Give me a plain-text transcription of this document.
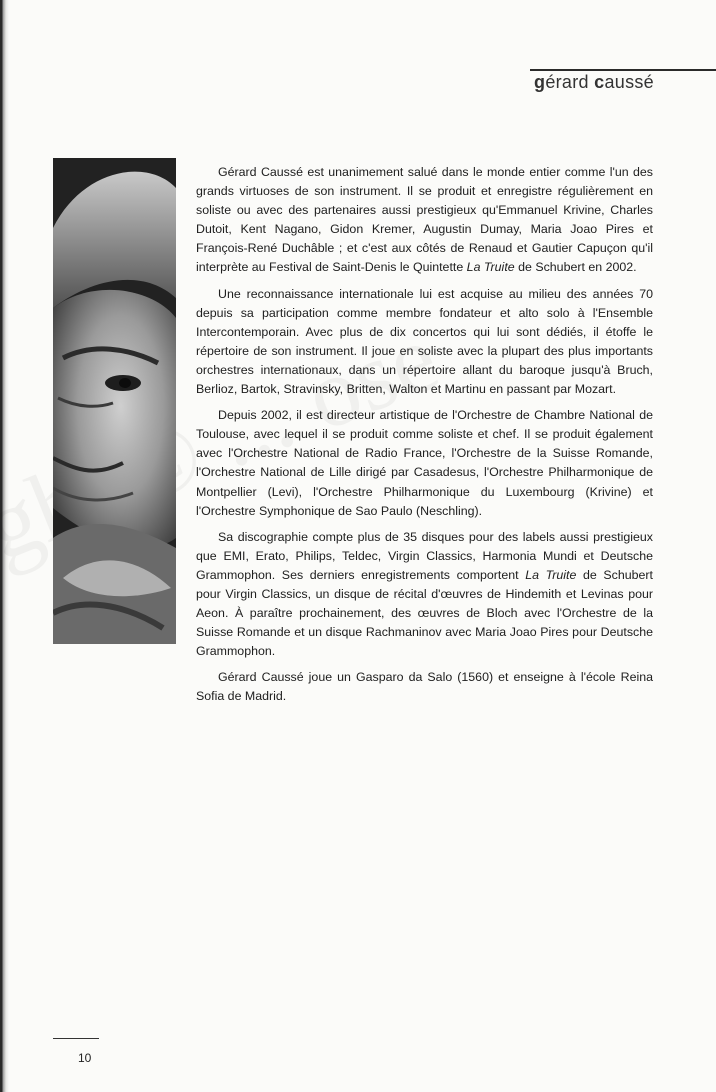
gérard caussé

Gérard Caussé est unanimement salué dans le monde entier comme l'un des grands virtuoses de son instrument. Il se produit et enregistre régulièrement en soliste ou avec des partenaires aussi prestigieux qu'Emmanuel Krivine, Charles Dutoit, Kent Nagano, Gidon Kremer, Augustin Dumay, Maria Joao Pires et François-René Duchâble ; et c'est aux côtés de Renaud et Gautier Capuçon qu'il interprète au Festival de Saint-Denis le Quintette La Truite de Schubert en 2002.

Une reconnaissance internationale lui est acquise au milieu des années 70 depuis sa participation comme membre fondateur et alto solo à l'Ensemble Intercontemporain. Avec plus de dix concertos qui lui sont dédiés, il étoffe le répertoire de son instrument. Il joue en soliste avec la plupart des plus importants orchestres internationaux, dans un répertoire allant du baroque jusqu'à Bruch, Berlioz, Bartok, Stravinsky, Britten, Walton et Martinu en passant par Mozart.

Depuis 2002, il est directeur artistique de l'Orchestre de Chambre National de Toulouse, avec lequel il se produit comme soliste et chef. Il se produit également avec l'Orchestre National de Radio France, l'Orchestre de la Suisse Romande, l'Orchestre National de Lille dirigé par Casadesus, l'Orchestre Philharmonique de Montpellier (Levi), l'Orchestre Philharmonique du Luxembourg (Krivine) et l'Orchestre Symphonique de Sao Paulo (Neschling).

Sa discographie compte plus de 35 disques pour des labels aussi prestigieux que EMI, Erato, Philips, Teldec, Virgin Classics, Harmonia Mundi et Deutsche Grammophon. Ses derniers enregistrements comportent La Truite de Schubert pour Virgin Classics, un disque de récital d'œuvres de Hindemith et Levinas pour Aeon. À paraître prochainement, des œuvres de Bloch avec l'Orchestre de la Suisse Romande et un disque Rachmaninov avec Maria Joao Pires pour Deutsche Grammophon.

Gérard Caussé joue un Gasparo da Salo (1560) et enseigne à l'école Reina Sofia de Madrid.

10
